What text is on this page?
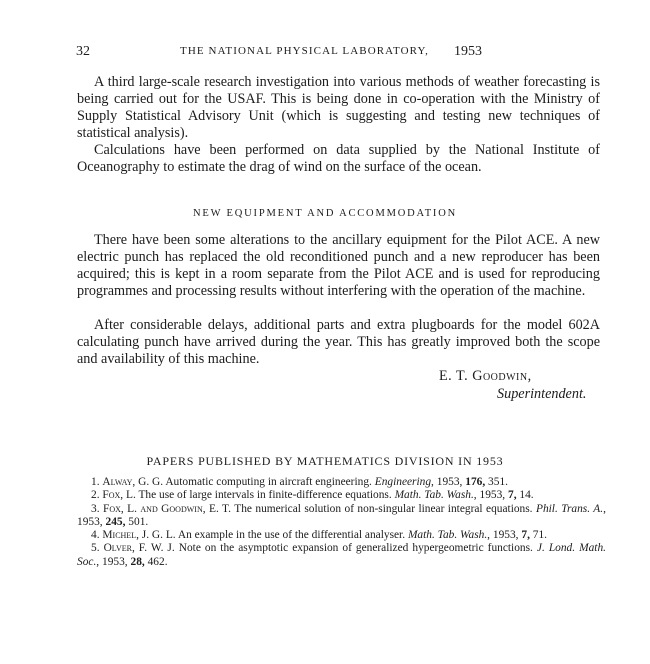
32	THE NATIONAL PHYSICAL LABORATORY, 1953

A third large-scale research investigation into various methods of weather forecasting is being carried out for the USAF. This is being done in co-operation with the Ministry of Supply Statistical Advisory Unit (which is suggesting and testing new techniques of statistical analysis).

Calculations have been performed on data supplied by the National Institute of Oceanography to estimate the drag of wind on the surface of the ocean.

NEW EQUIPMENT AND ACCOMMODATION

There have been some alterations to the ancillary equipment for the Pilot ACE. A new electric punch has replaced the old reconditioned punch and a new reproducer has been acquired; this is kept in a room separate from the Pilot ACE and is used for reproducing programmes and processing results without interfering with the operation of the machine.

After considerable delays, additional parts and extra plugboards for the model 602A calculating punch have arrived during the year. This has greatly improved both the scope and availability of this machine.

E. T. Goodwin,
Superintendent.
PAPERS PUBLISHED BY MATHEMATICS DIVISION IN 1953

1. Alway, G. G. Automatic computing in aircraft engineering. Engineering, 1953, 176, 351.

2. Fox, L. The use of large intervals in finite-difference equations. Math. Tab. Wash., 1953, 7, 14.

3. Fox, L. and Goodwin, E. T. The numerical solution of non-singular linear integral equations. Phil. Trans. A., 1953, 245, 501.

4. Michel, J. G. L. An example in the use of the differential analyser. Math. Tab. Wash., 1953, 7, 71.

5. Olver, F. W. J. Note on the asymptotic expansion of generalized hypergeometric functions. J. Lond. Math. Soc., 1953, 28, 462.
